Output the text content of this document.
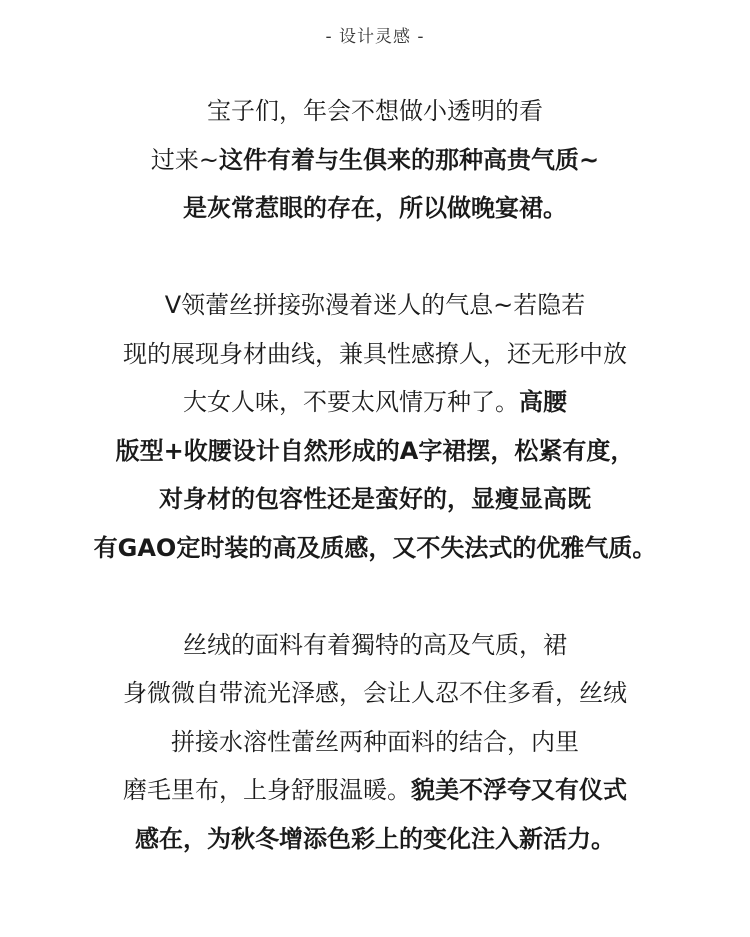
- 设计灵感 -
宝子们，年会不想做小透明的看
过来~这件有着与生俱来的那种高贵气质~
是灰常惹眼的存在，所以做晚宴裙。
V领蕾丝拼接弥漫着迷人的气息~若隐若
现的展现身材曲线，兼具性感撩人，还无形中放
大女人味，不要太风情万种了。高腰
版型+收腰设计自然形成的A字裙摆，松紧有度，
对身材的包容性还是蛮好的，显瘦显高既
有GAO定时装的高及质感，又不失法式的优雅气质。
丝绒的面料有着獨特的高及气质，裙
身微微自带流光泽感，会让人忍不住多看，丝绒
拼接水溶性蕾丝两种面料的结合，内里
磨毛里布，上身舒服温暖。貌美不浮夸又有仪式
感在，为秋冬增添色彩上的变化注入新活力。
